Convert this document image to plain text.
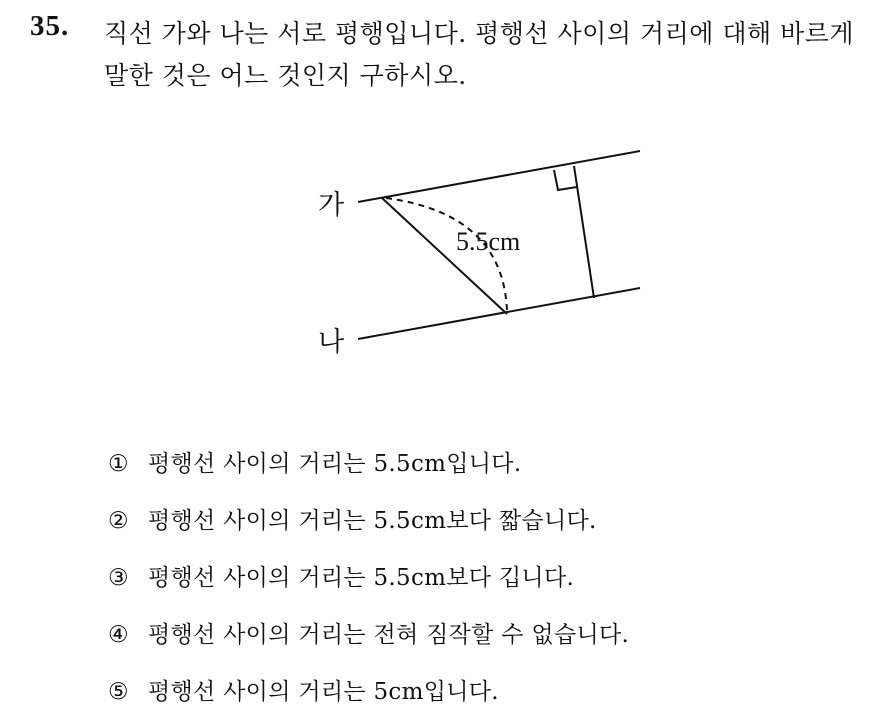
35. 직선 가와 나는 서로 평행입니다. 평행선 사이의 거리에 대해 바르게
말한 것은 어느 것인지 구하시오.
가
나
5.5cm
① 평행선 사이의 거리는 5.5cm입니다.
② 평행선 사이의 거리는 5.5cm보다 짧습니다.
③ 평행선 사이의 거리는 5.5cm보다 깁니다.
④ 평행선 사이의 거리는 전혀 짐작할 수 없습니다.
⑤ 평행선 사이의 거리는 5cm입니다.
